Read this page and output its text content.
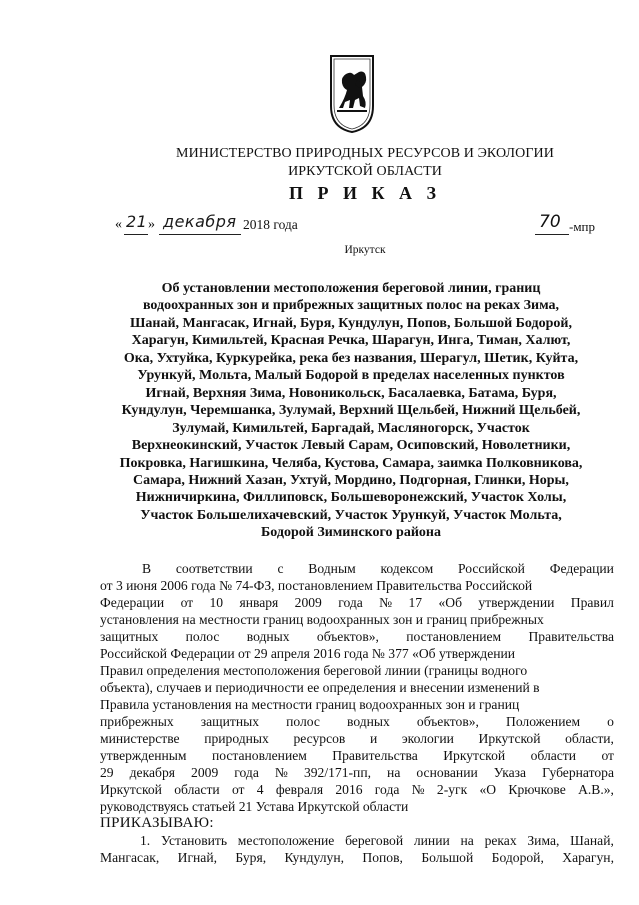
МИНИСТЕРСТВО ПРИРОДНЫХ РЕСУРСОВ И ЭКОЛОГИИ
ИРКУТСКОЙ ОБЛАСТИ
П Р И К А З
« 21 » декабря 2018 года	70 -мпр
Иркутск
Об установлении местоположения береговой линии, границ
водоохранных зон и прибрежных защитных полос на реках Зима,
Шанай, Мангасак, Игнай, Буря, Кундулун, Попов, Большой Бодорой,
Харагун, Кимильтей, Красная Речка, Шарагун, Инга, Тиман, Халют,
Ока, Ухтуйка, Куркурейка, река без названия, Шерагул, Шетик, Куйта,
Урункуй, Мольта, Малый Бодорой в пределах населенных пунктов
Игнай, Верхняя Зима, Новоникольск, Басалаевка, Батама, Буря,
Кундулун, Черемшанка, Зулумай, Верхний Щельбей, Нижний Щельбей,
Зулумай, Кимильтей, Баргадай, Масляногорск, Участок
Верхнеокинский, Участок Левый Сарам, Осиповский, Новолетники,
Покровка, Нагишкина, Челяба, Кустова, Самара, заимка Полковникова,
Самара, Нижний Хазан, Ухтуй, Мордино, Подгорная, Глинки, Норы,
Нижничиркина, Филлиповск, Большеворонежский, Участок Холы,
Участок Большелихачевский, Участок Урункуй, Участок Мольта,
Бодорой Зиминского района
В соответствии с Водным кодексом Российской Федерации
от 3 июня 2006 года № 74-ФЗ, постановлением Правительства Российской
Федерации от 10 января 2009 года № 17 «Об утверждении Правил
установления на местности границ водоохранных зон и границ прибрежных
защитных полос водных объектов», постановлением Правительства
Российской Федерации от 29 апреля 2016 года № 377 «Об утверждении
Правил определения местоположения береговой линии (границы водного
объекта), случаев и периодичности ее определения и внесении изменений в
Правила установления на местности границ водоохранных зон и границ
прибрежных защитных полос водных объектов», Положением о
министерстве природных ресурсов и экологии Иркутской области,
утвержденным постановлением Правительства Иркутской области от
29 декабря 2009 года № 392/171-пп, на основании Указа Губернатора
Иркутской области от 4 февраля 2016 года № 2-угк «О Крючкове А.В.»,
руководствуясь статьей 21 Устава Иркутской области
ПРИКАЗЫВАЮ:
1. Установить местоположение береговой линии на реках Зима, Шанай,
Мангасак, Игнай, Буря, Кундулун, Попов, Большой Бодорой, Харагун,
